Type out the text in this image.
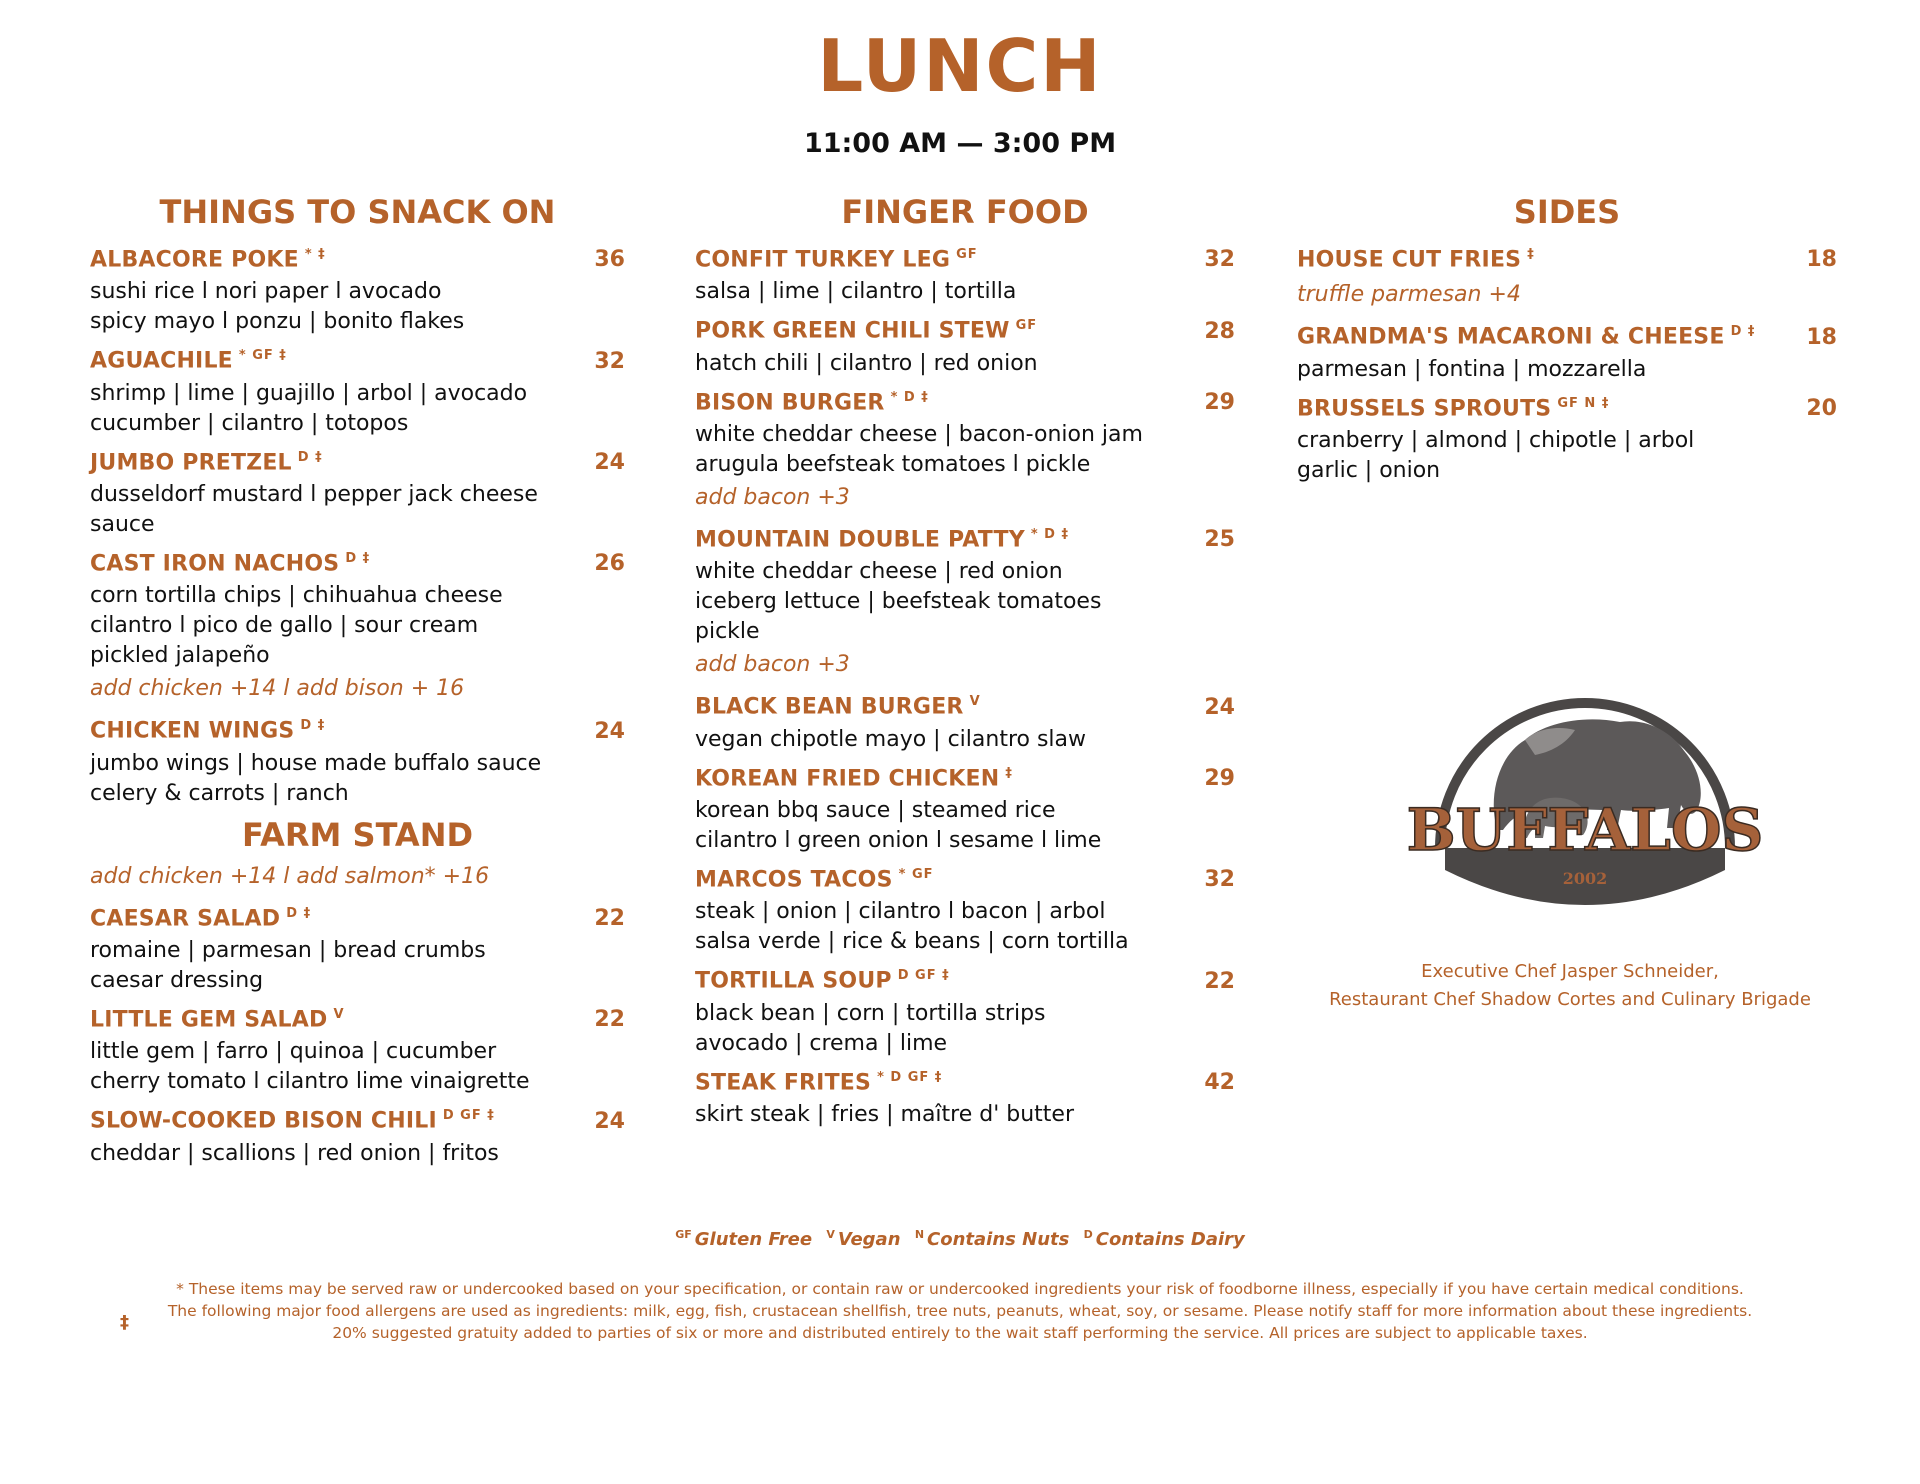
LUNCH
11:00 AM — 3:00 PM
THINGS TO SNACK ON
ALBACORE POKE * ‡	36
sushi rice l nori paper l avocado
spicy mayo l ponzu | bonito flakes
AGUACHILE $^{* GF \ddagger}$	32
shrimp | lime | guajillo | arbol | avocado
cucumber | cilantro | totopos
JUMBO PRETZEL $^{D \ddagger}$	24
dusseldorf mustard l pepper jack cheese
sauce
CAST IRON NACHOS $^{D \ddagger}$	26
corn tortilla chips | chihuahua cheese
cilantro l pico de gallo | sour cream
pickled jalapeño
add chicken +14 l add bison + 16
CHICKEN WINGS $^{D \ddagger}$	24
jumbo wings | house made buffalo sauce
celery & carrots | ranch
FARM STAND
add chicken +14 l add salmon* +16
CAESAR SALAD $^{D \ddagger}$	22
romaine | parmesan | bread crumbs
caesar dressing
LITTLE GEM SALAD $^V$	22
little gem | farro | quinoa | cucumber
cherry tomato l cilantro lime vinaigrette
SLOW-COOKED BISON CHILI $^{D GF \ddagger}$	24
cheddar | scallions | red onion | fritos
FINGER FOOD
CONFIT TURKEY LEG $^{GF}$	32
salsa | lime | cilantro | tortilla
PORK GREEN CHILI STEW $^{GF}$	28
hatch chili | cilantro | red onion
BISON BURGER $^{* D \ddagger}$	29
white cheddar cheese | bacon-onion jam
arugula beefsteak tomatoes l pickle
add bacon +3
MOUNTAIN DOUBLE PATTY $^{* D \ddagger}$	25
white cheddar cheese | red onion
iceberg lettuce | beefsteak tomatoes
pickle
add bacon +3
BLACK BEAN BURGER $^V$	24
vegan chipotle mayo | cilantro slaw
KOREAN FRIED CHICKEN ‡	29
korean bbq sauce | steamed rice
cilantro l green onion l sesame l lime
MARCOS TACOS $^{* GF}$	32
steak | onion | cilantro l bacon | arbol
salsa verde | rice & beans | corn tortilla
TORTILLA SOUP $^{D GF \ddagger}$	22
black bean | corn | tortilla strips
avocado | crema | lime
STEAK FRITES $^{* D GF \ddagger}$	42
skirt steak | fries | maître d' butter
SIDES
HOUSE CUT FRIES ‡	18
truffle parmesan +4
GRANDMA'S MACARONI & CHEESE $^{D \ddagger}$ 18
parmesan | fontina | mozzarella
BRUSSELS SPROUTS $^{GF N \ddagger}$	20
cranberry | almond | chipotle | arbol
garlic | onion
BUFFALOS
2002
Executive Chef Jasper Schneider,
Restaurant Chef Shadow Cortes and Culinary Brigade
$^{GF}$ Gluten Free $^V$ Vegan $^N$ Contains Nuts $^D$ Contains Dairy
* These items may be served raw or undercooked based on your specification, or contain raw or undercooked ingredients your risk of foodborne illness, especially if you have certain medical conditions.
The following major food allergens are used as ingredients: milk, egg, fish, crustacean shellfish, tree nuts, peanuts, wheat, soy, or sesame. Please notify staff for more information about these ingredients.
20% suggested gratuity added to parties of six or more and distributed entirely to the wait staff performing the service. All prices are subject to applicable taxes.
‡
